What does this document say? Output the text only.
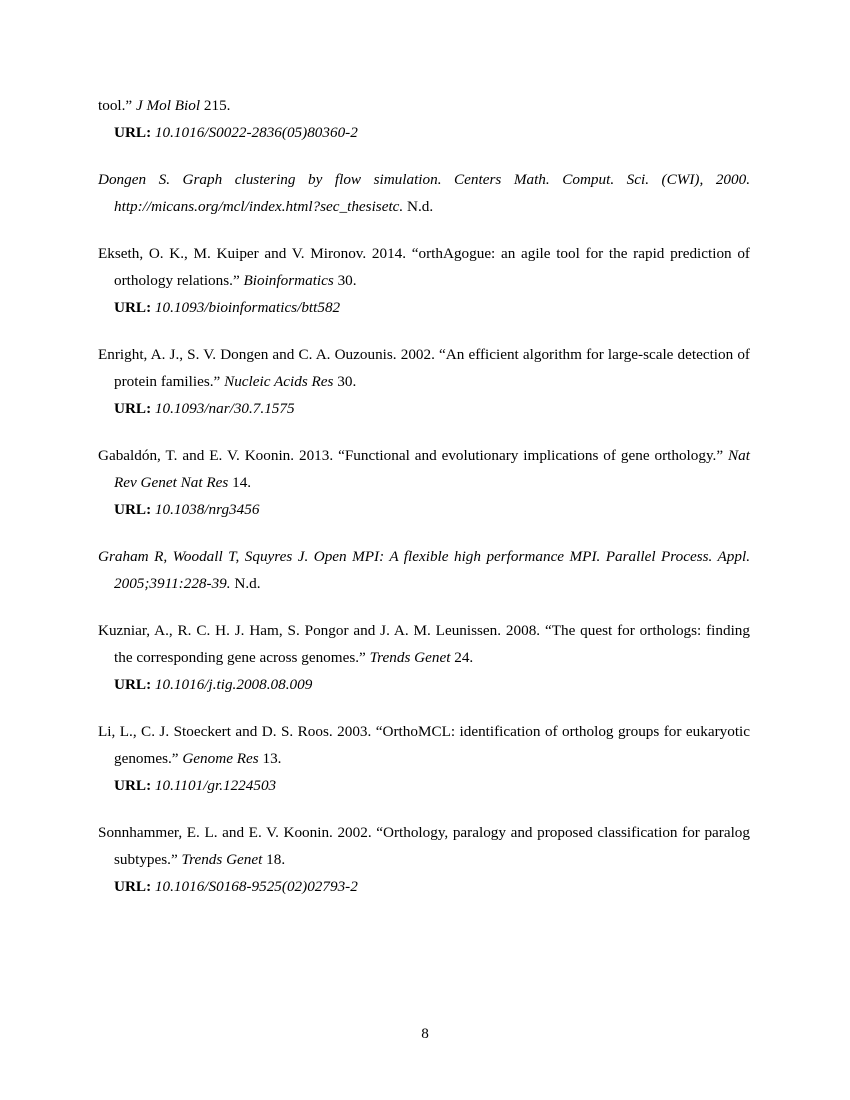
tool.” J Mol Biol 215.
URL: 10.1016/S0022-2836(05)80360-2

Dongen S. Graph clustering by flow simulation. Centers Math. Comput. Sci. (CWI), 2000. http://micans.org/mcl/index.html?sec_thesisetc. N.d.

Ekseth, O. K., M. Kuiper and V. Mironov. 2014. “orthAgogue: an agile tool for the rapid prediction of orthology relations.” Bioinformatics 30.
URL: 10.1093/bioinformatics/btt582

Enright, A. J., S. V. Dongen and C. A. Ouzounis. 2002. “An efficient algorithm for large-scale detection of protein families.” Nucleic Acids Res 30.
URL: 10.1093/nar/30.7.1575

Gabaldón, T. and E. V. Koonin. 2013. “Functional and evolutionary implications of gene orthology.” Nat Rev Genet Nat Res 14.
URL: 10.1038/nrg3456

Graham R, Woodall T, Squyres J. Open MPI: A flexible high performance MPI. Parallel Process. Appl. 2005;3911:228-39. N.d.

Kuzniar, A., R. C. H. J. Ham, S. Pongor and J. A. M. Leunissen. 2008. “The quest for orthologs: finding the corresponding gene across genomes.” Trends Genet 24.
URL: 10.1016/j.tig.2008.08.009

Li, L., C. J. Stoeckert and D. S. Roos. 2003. “OrthoMCL: identification of ortholog groups for eukaryotic genomes.” Genome Res 13.
URL: 10.1101/gr.1224503

Sonnhammer, E. L. and E. V. Koonin. 2002. “Orthology, paralogy and proposed classification for paralog subtypes.” Trends Genet 18.
URL: 10.1016/S0168-9525(02)02793-2

8
